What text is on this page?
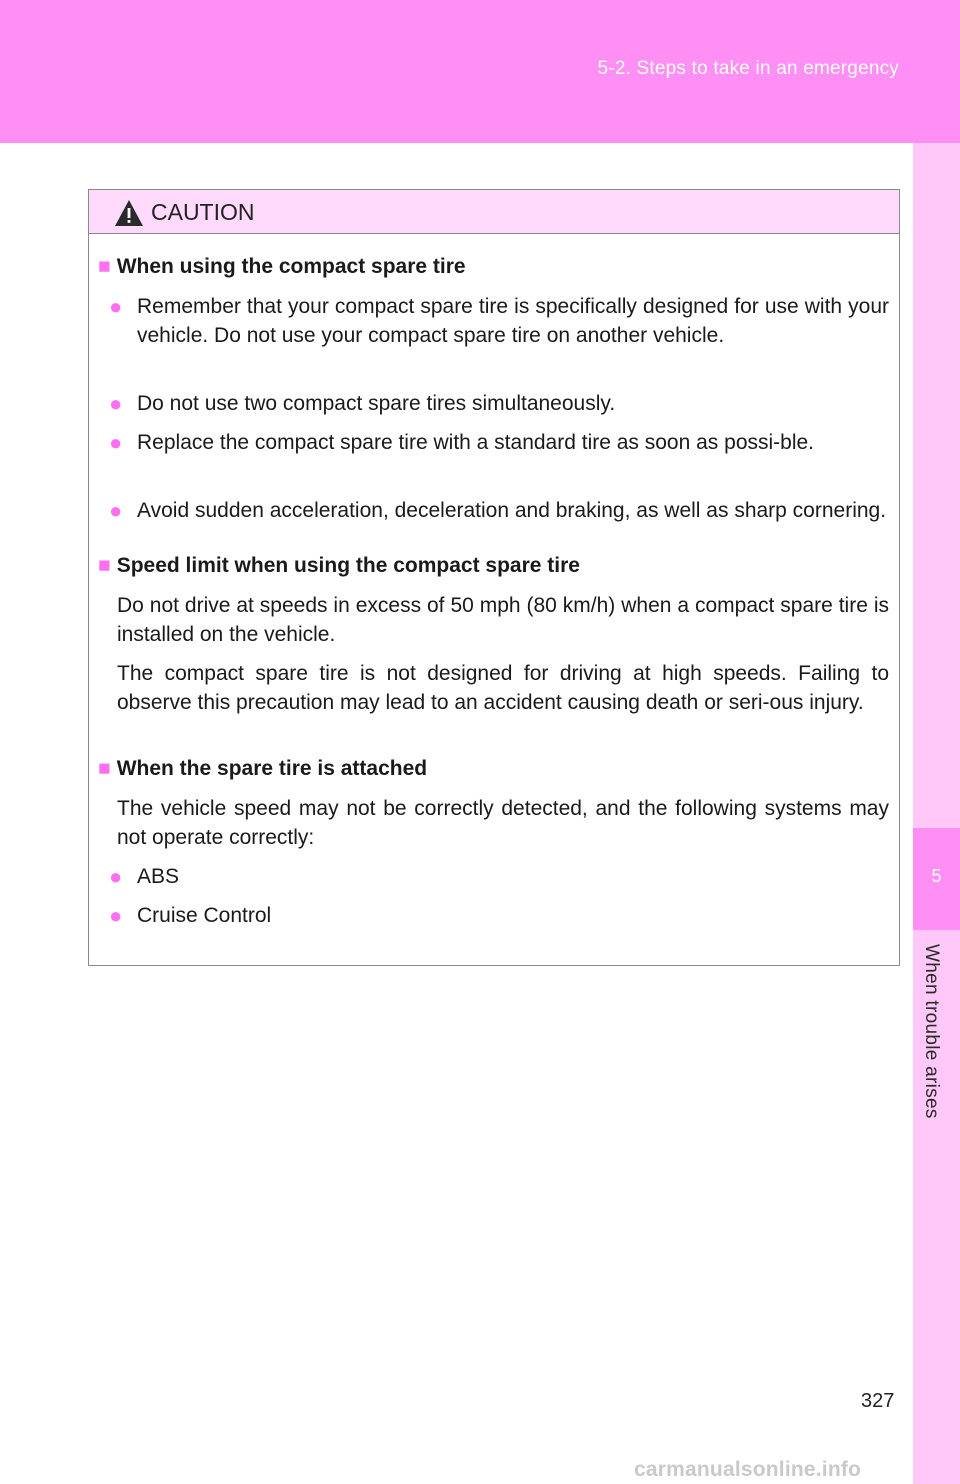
5-2. Steps to take in an emergency
5
When trouble arises
CAUTION
■ When using the compact spare tire
● Remember that your compact spare tire is specifically designed for use with your vehicle. Do not use your compact spare tire on another vehicle.
● Do not use two compact spare tires simultaneously.
● Replace the compact spare tire with a standard tire as soon as possi-ble.
● Avoid sudden acceleration, deceleration and braking, as well as sharp cornering.
■ Speed limit when using the compact spare tire
Do not drive at speeds in excess of 50 mph (80 km/h) when a compact spare tire is installed on the vehicle.
The compact spare tire is not designed for driving at high speeds. Failing to observe this precaution may lead to an accident causing death or seri-ous injury.
■ When the spare tire is attached
The vehicle speed may not be correctly detected, and the following systems may not operate correctly:
● ABS
● Cruise Control
327
carmanualsonline.info
